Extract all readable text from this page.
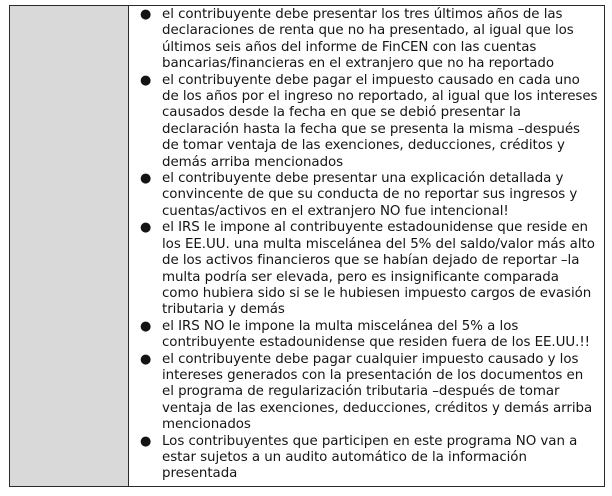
● el contribuyente debe presentar los tres últimos años de las declaraciones de renta que no ha presentado, al igual que los últimos seis años del informe de FinCEN con las cuentas bancarias/financieras en el extranjero que no ha reportado
● el contribuyente debe pagar el impuesto causado en cada uno de los años por el ingreso no reportado, al igual que los intereses causados desde la fecha en que se debió presentar la declaración hasta la fecha que se presenta la misma –después de tomar ventaja de las exenciones, deducciones, créditos y demás arriba mencionados
● el contribuyente debe presentar una explicación detallada y convincente de que su conducta de no reportar sus ingresos y cuentas/activos en el extranjero NO fue intencional!
● el IRS le impone al contribuyente estadounidense que reside en los EE.UU. una multa misceláneа del 5% del saldo/valor más alto de los activos financieros que se habían dejado de reportar –la multa podría ser elevada, pero es insignificante comparada como hubiera sido si se le hubiesen impuesto cargos de evasión tributaria y demás
● el IRS NO le impone la multa misceláneа del 5% a los contribuyente estadounidense que residen fuera de los EE.UU.!!
● el contribuyente debe pagar cualquier impuesto causado y los intereses generados con la presentación de los documentos en el programa de regularización tributaria –después de tomar ventaja de las exenciones, deducciones, créditos y demás arriba mencionados
● Los contribuyentes que participen en este programa NO van a estar sujetos a un audito automático de la información presentada
